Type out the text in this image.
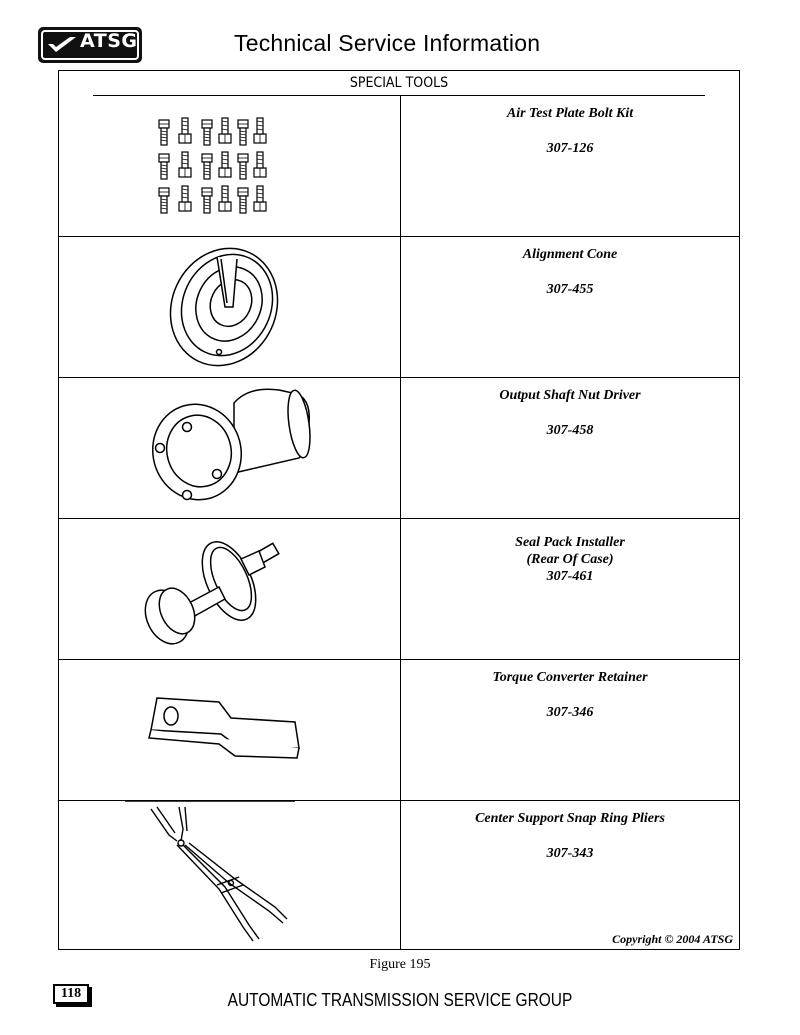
ATSG	Technical Service Information
SPECIAL TOOLS
Air Test Plate Bolt Kit
307-126
Alignment Cone
307-455
Output Shaft Nut Driver
307-458
Seal Pack Installer
(Rear Of Case)
307-461
Torque Converter Retainer
307-346
Center Support Snap Ring Pliers
307-343
Copyright © 2004 ATSG
Figure 195
118	AUTOMATIC TRANSMISSION SERVICE GROUP
